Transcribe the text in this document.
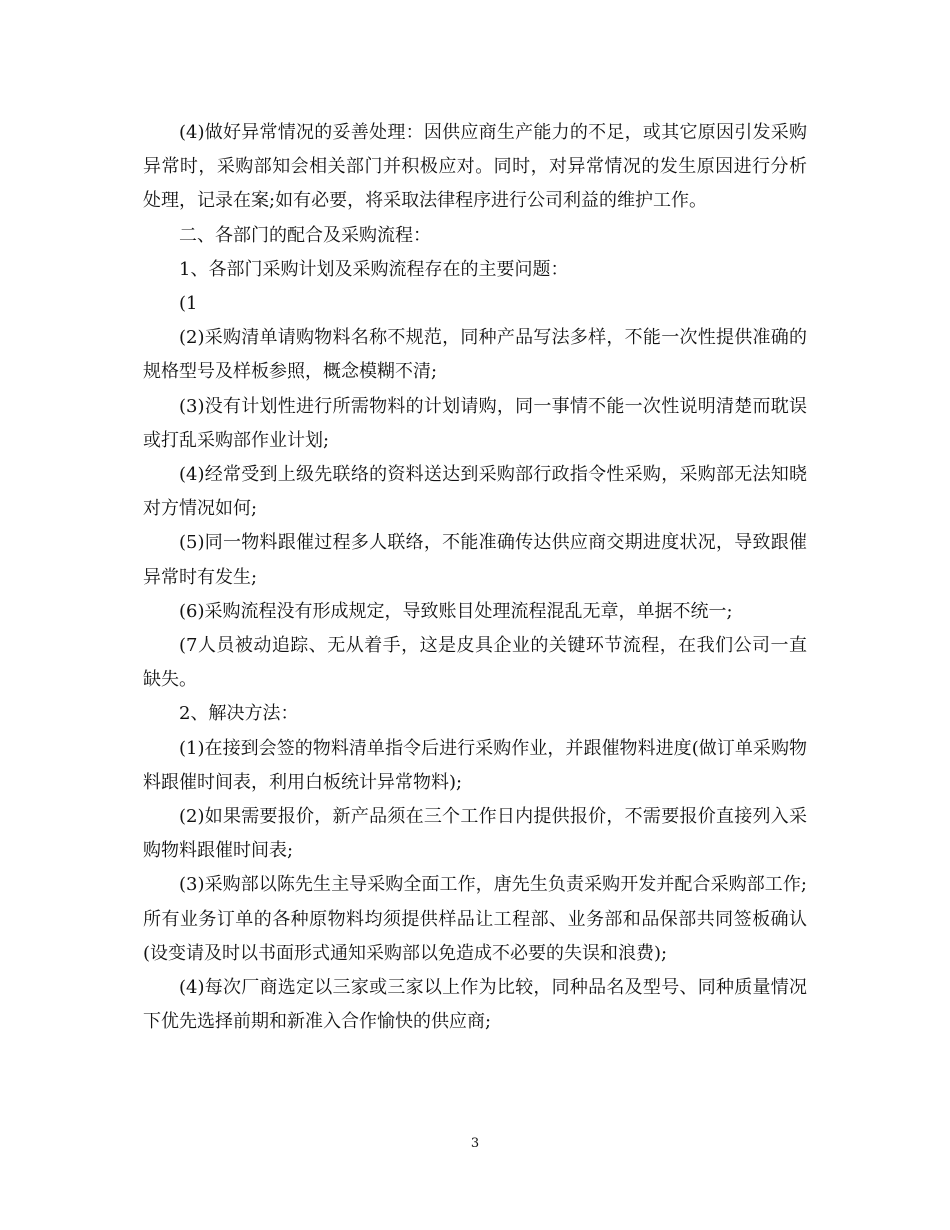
(4)做好异常情况的妥善处理：因供应商生产能力的不足，或其它原因引发采购异常时，采购部知会相关部门并积极应对。同时，对异常情况的发生原因进行分析处理，记录在案;如有必要，将采取法律程序进行公司利益的维护工作。

二、各部门的配合及采购流程：

1、各部门采购计划及采购流程存在的主要问题：

(1

(2)采购清单请购物料名称不规范，同种产品写法多样，不能一次性提供准确的规格型号及样板参照，概念模糊不清;

(3)没有计划性进行所需物料的计划请购，同一事情不能一次性说明清楚而耽误或打乱采购部作业计划;

(4)经常受到上级先联络的资料送达到采购部行政指令性采购，采购部无法知晓对方情况如何;

(5)同一物料跟催过程多人联络，不能准确传达供应商交期进度状况，导致跟催异常时有发生;

(6)采购流程没有形成规定，导致账目处理流程混乱无章，单据不统一;

(7人员被动追踪、无从着手，这是皮具企业的关键环节流程，在我们公司一直缺失。

2、解决方法：

(1)在接到会签的物料清单指令后进行采购作业，并跟催物料进度(做订单采购物料跟催时间表，利用白板统计异常物料);

(2)如果需要报价，新产品须在三个工作日内提供报价，不需要报价直接列入采购物料跟催时间表;

(3)采购部以陈先生主导采购全面工作，唐先生负责采购开发并配合采购部工作;所有业务订单的各种原物料均须提供样品让工程部、业务部和品保部共同签板确认(设变请及时以书面形式通知采购部以免造成不必要的失误和浪费);

(4)每次厂商选定以三家或三家以上作为比较，同种品名及型号、同种质量情况下优先选择前期和新准入合作愉快的供应商;

3
